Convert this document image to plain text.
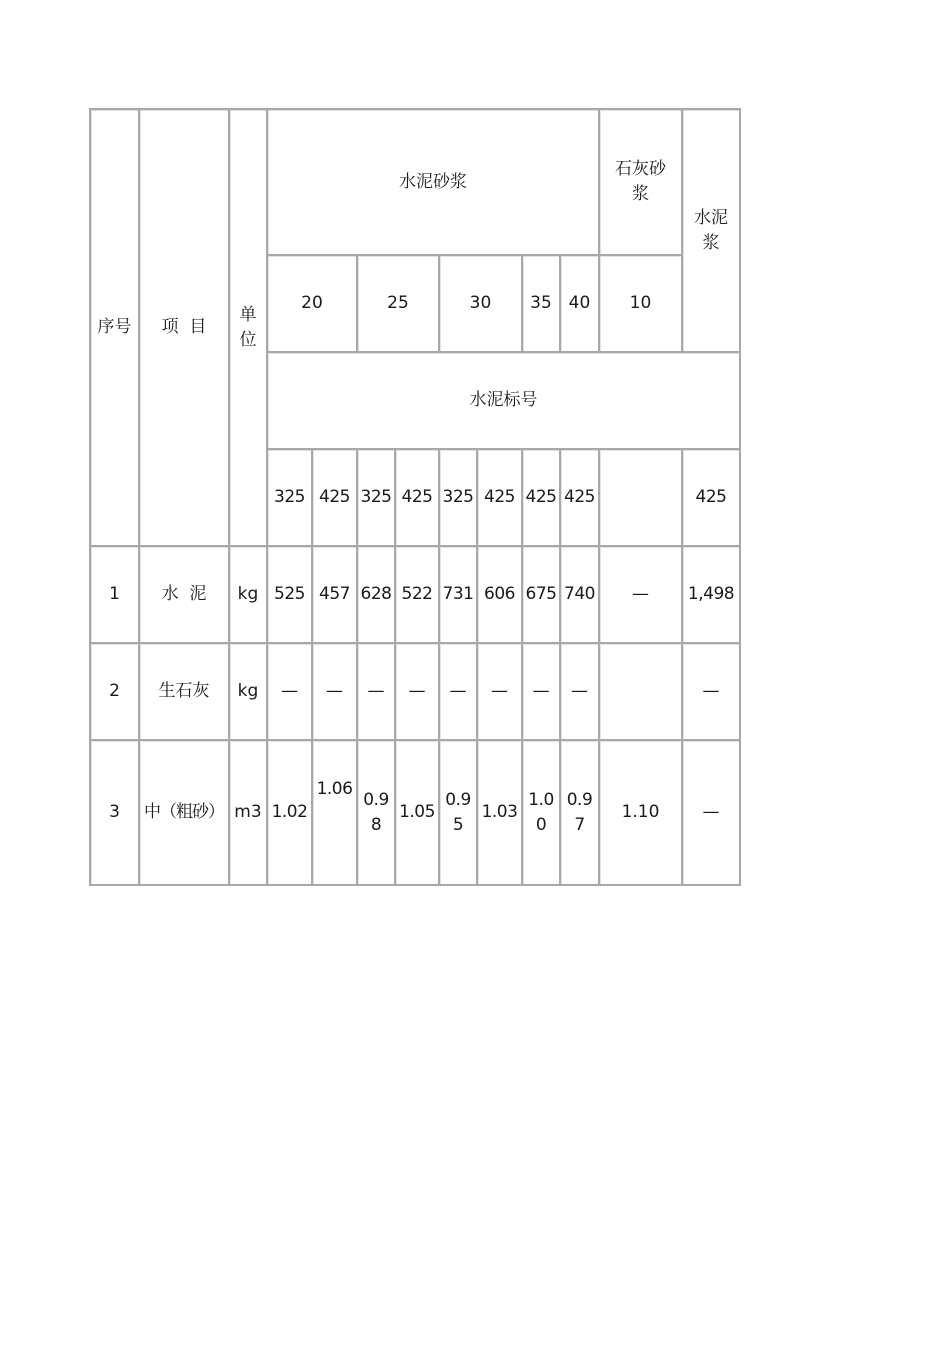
序号	项  目	单位	水泥砂浆								石灰砂浆	水泥浆
			20		25		30		35	40	10	
			水泥标号									
			325	425	325	425	325	425	425	425		425
1	水  泥	kg	525	457	628	522	731	606	675	740	—	1,498
2	生石灰	kg	—	—	—	—	—	—	—	—		—
3	中（粗砂）	m3	1.02	1.06	0.98	1.05	0.95	1.03	1.00	0.97	1.10	—
